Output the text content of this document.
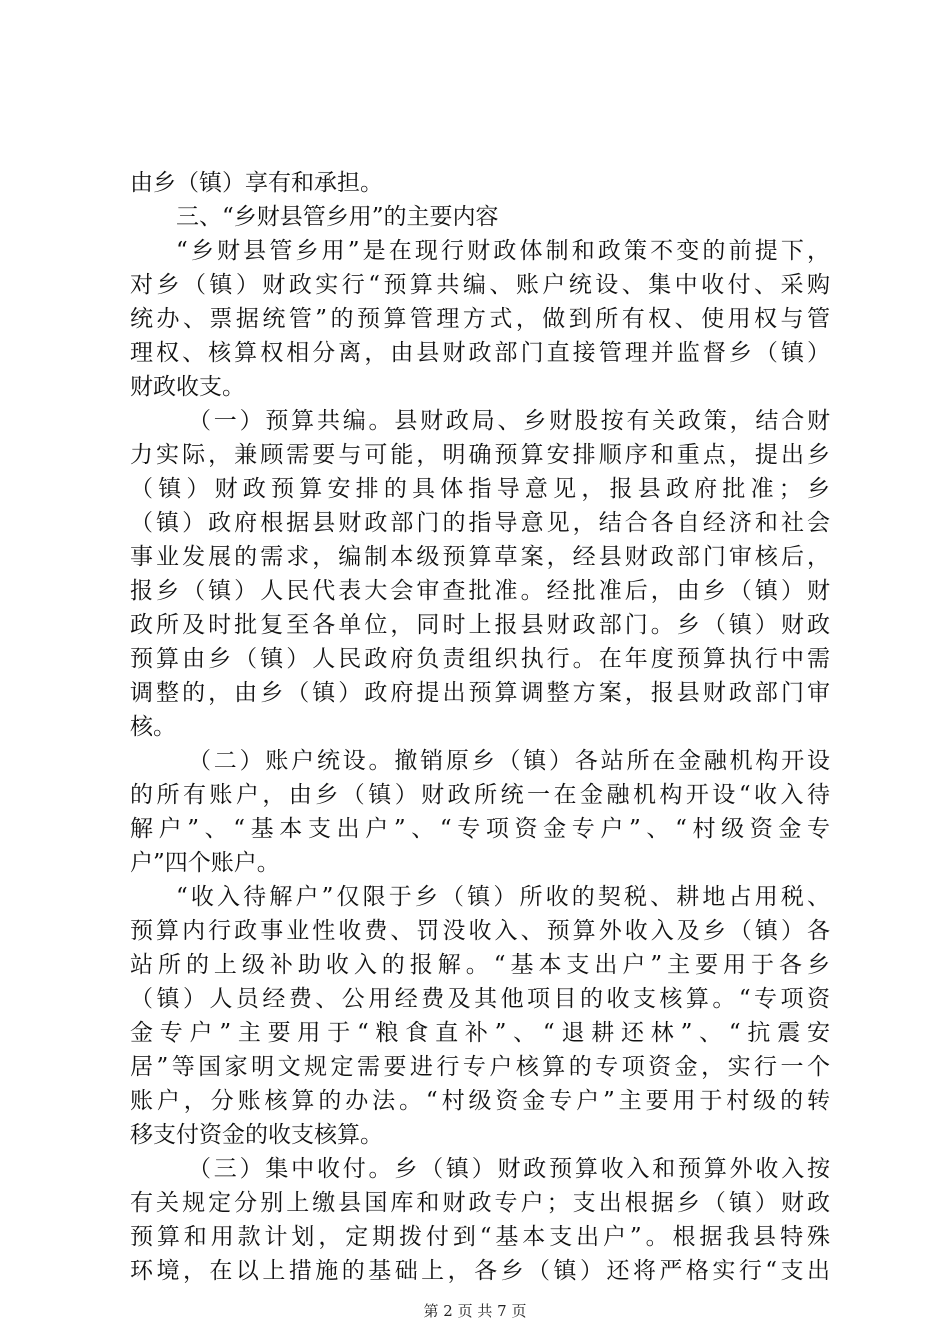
由乡（镇）享有和承担。
三、“乡财县管乡用”的主要内容
“乡财县管乡用”是在现行财政体制和政策不变的前提下，
对乡（镇）财政实行“预算共编、账户统设、集中收付、采购
统办、票据统管”的预算管理方式，做到所有权、使用权与管
理权、核算权相分离，由县财政部门直接管理并监督乡（镇）
财政收支。
（一）预算共编。县财政局、乡财股按有关政策，结合财
力实际，兼顾需要与可能，明确预算安排顺序和重点，提出乡
（镇）财政预算安排的具体指导意见，报县政府批准；乡
（镇）政府根据县财政部门的指导意见，结合各自经济和社会
事业发展的需求，编制本级预算草案，经县财政部门审核后，
报乡（镇）人民代表大会审查批准。经批准后，由乡（镇）财
政所及时批复至各单位，同时上报县财政部门。乡（镇）财政
预算由乡（镇）人民政府负责组织执行。在年度预算执行中需
调整的，由乡（镇）政府提出预算调整方案，报县财政部门审
核。
（二）账户统设。撤销原乡（镇）各站所在金融机构开设
的所有账户，由乡（镇）财政所统一在金融机构开设“收入待
解户”、“基本支出户”、“专项资金专户”、“村级资金专
户”四个账户。
“收入待解户”仅限于乡（镇）所收的契税、耕地占用税、
预算内行政事业性收费、罚没收入、预算外收入及乡（镇）各
站所的上级补助收入的报解。“基本支出户”主要用于各乡
（镇）人员经费、公用经费及其他项目的收支核算。“专项资
金专户”主要用于“粮食直补”、“退耕还林”、“抗震安
居”等国家明文规定需要进行专户核算的专项资金，实行一个
账户，分账核算的办法。“村级资金专户”主要用于村级的转
移支付资金的收支核算。
（三）集中收付。乡（镇）财政预算收入和预算外收入按
有关规定分别上缴县国库和财政专户；支出根据乡（镇）财政
预算和用款计划，定期拨付到“基本支出户”。根据我县特殊
环境，在以上措施的基础上，各乡（镇）还将严格实行“支出
第 2 页 共 7 页
